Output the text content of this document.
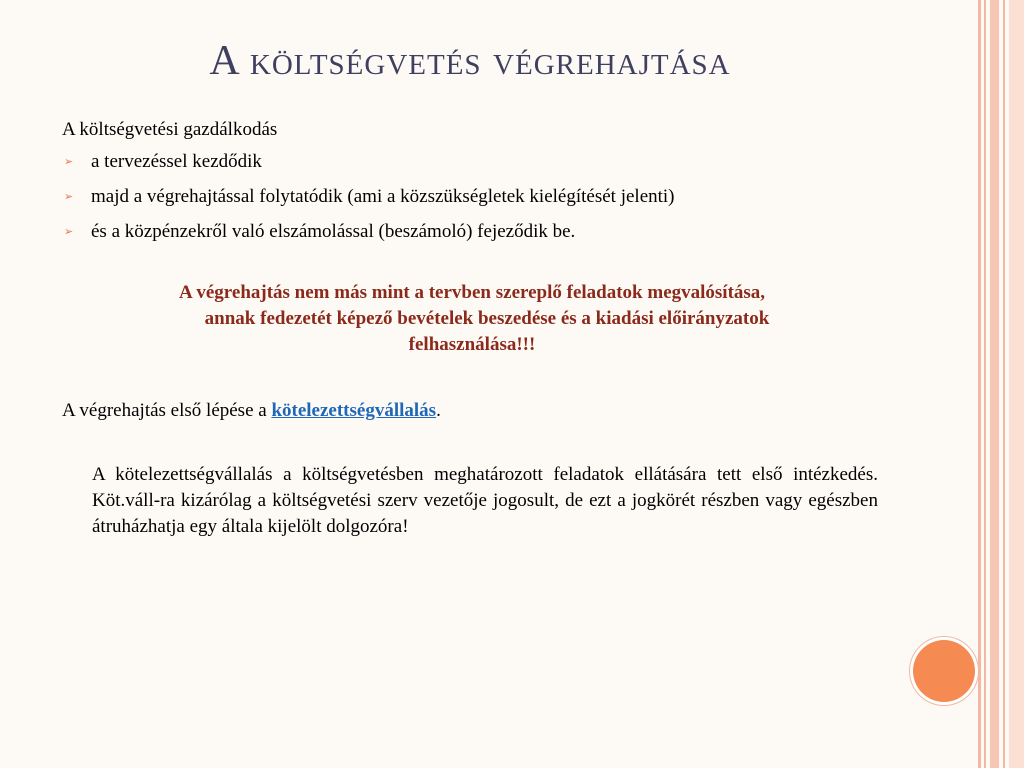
A költségvetés végrehajtása

A költségvetési gazdálkodás

➢ a tervezéssel kezdődik
➢ majd a végrehajtással folytatódik (ami a közszükségletek kielégítését jelenti)
➢ és a közpénzekről való elszámolással (beszámoló) fejeződik be.

A végrehajtás nem más mint a tervben szereplő feladatok megvalósítása,
annak fedezetét képező bevételek beszedése és a kiadási előirányzatok
felhasználása!!!

A végrehajtás első lépése a kötelezettségvállalás.

A kötelezettségvállalás a költségvetésben meghatározott feladatok ellátására tett első intézkedés. Köt.váll-ra kizárólag a költségvetési szerv vezetője jogosult, de ezt a jogkörét részben vagy egészben átruházhatja egy általa kijelölt dolgozóra!
